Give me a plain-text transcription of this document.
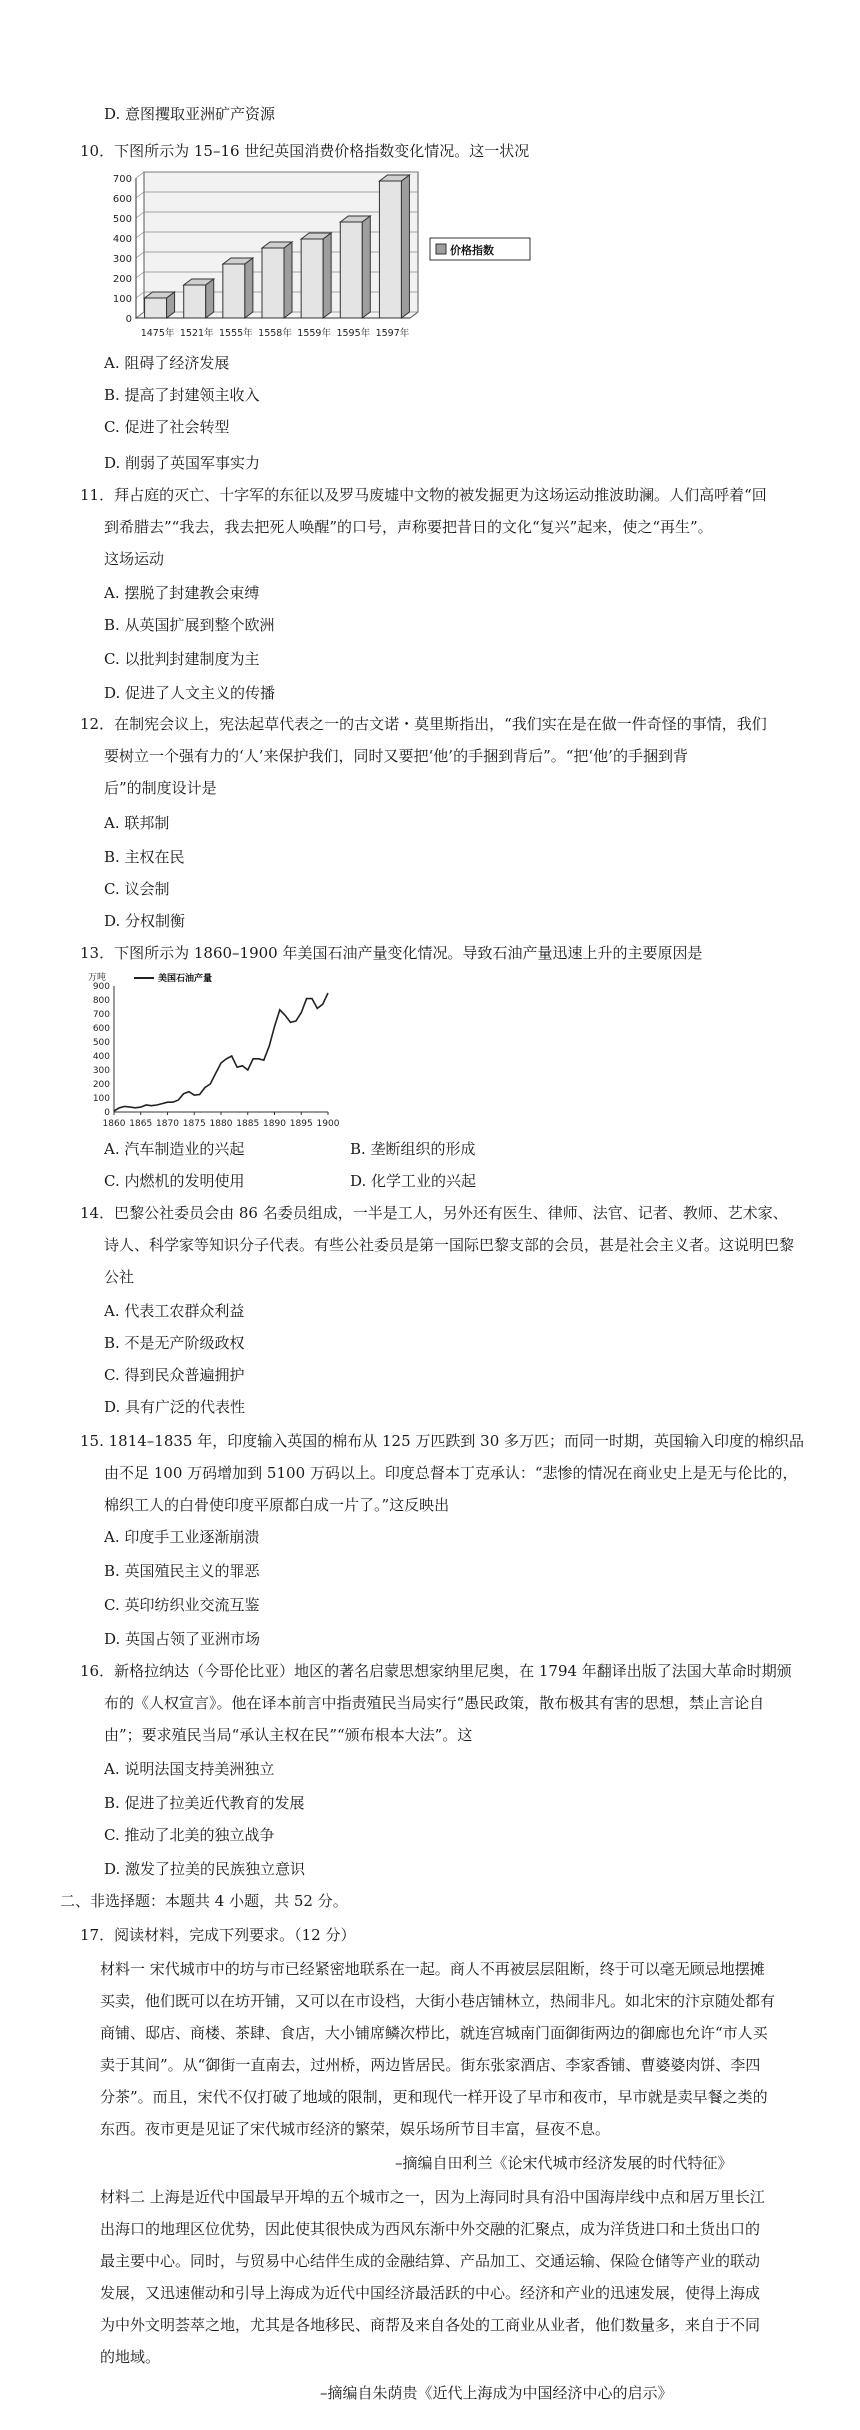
D. 意图攫取亚洲矿产资源
10．下图所示为 15–16 世纪英国消费价格指数变化情况。这一状况
0
100
200
300
400
500
600
700
1475年 1521年 1555年 1558年 1559年 1595年 1597年
价格指数
A. 阻碍了经济发展
B. 提高了封建领主收入
C. 促进了社会转型
D. 削弱了英国军事实力
11．拜占庭的灭亡、十字军的东征以及罗马废墟中文物的被发掘更为这场运动推波助澜。人们高呼着“回
到希腊去”“我去，我去把死人唤醒”的口号，声称要把昔日的文化“复兴”起来，使之“再生”。
这场运动
A. 摆脱了封建教会束缚
B. 从英国扩展到整个欧洲
C. 以批判封建制度为主
D. 促进了人文主义的传播
12．在制宪会议上，宪法起草代表之一的古文诺・莫里斯指出，“我们实在是在做一件奇怪的事情，我们
要树立一个强有力的‘人’来保护我们，同时又要把‘他’的手捆到背后”。“把‘他’的手捆到背
后”的制度设计是
A. 联邦制
B. 主权在民
C. 议会制
D. 分权制衡
13．下图所示为 1860–1900 年美国石油产量变化情况。导致石油产量迅速上升的主要原因是
万吨
0
100
200
300
400
500
600
700
800
900
1860 1865 1870 1875 1880 1885 1890 1895 1900
美国石油产量
A. 汽车制造业的兴起	B. 垄断组织的形成
C. 内燃机的发明使用	D. 化学工业的兴起
14．巴黎公社委员会由 86 名委员组成，一半是工人，另外还有医生、律师、法官、记者、教师、艺术家、
诗人、科学家等知识分子代表。有些公社委员是第一国际巴黎支部的会员，甚是社会主义者。这说明巴黎
公社
A. 代表工农群众利益
B. 不是无产阶级政权
C. 得到民众普遍拥护
D. 具有广泛的代表性
15. 1814–1835 年，印度输入英国的棉布从 125 万匹跌到 30 多万匹；而同一时期，英国输入印度的棉织品
由不足 100 万码增加到 5100 万码以上。印度总督本丁克承认：“悲惨的情况在商业史上是无与伦比的，
棉织工人的白骨使印度平原都白成一片了。”这反映出
A. 印度手工业逐渐崩溃
B. 英国殖民主义的罪恶
C. 英印纺织业交流互鉴
D. 英国占领了亚洲市场
16．新格拉纳达（今哥伦比亚）地区的著名启蒙思想家纳里尼奥，在 1794 年翻译出版了法国大革命时期颁
布的《人权宣言》。他在译本前言中指责殖民当局实行“愚民政策，散布极其有害的思想，禁止言论自
由”；要求殖民当局“承认主权在民”“颁布根本大法”。这
A. 说明法国支持美洲独立
B. 促进了拉美近代教育的发展
C. 推动了北美的独立战争
D. 激发了拉美的民族独立意识
二、非选择题：本题共 4 小题，共 52 分。
17．阅读材料，完成下列要求。（12 分）
材料一 宋代城市中的坊与市已经紧密地联系在一起。商人不再被层层阻断，终于可以毫无顾忌地摆摊
买卖，他们既可以在坊开铺，又可以在市设档，大街小巷店铺林立，热闹非凡。如北宋的汴京随处都有
商铺、邸店、商楼、茶肆、食店，大小铺席鳞次栉比，就连宫城南门面御街两边的御廊也允许“市人买
卖于其间”。从“御街一直南去，过州桥，两边皆居民。街东张家酒店、李家香铺、曹婆婆肉饼、李四
分茶”。而且，宋代不仅打破了地域的限制，更和现代一样开设了早市和夜市，早市就是卖早餐之类的
东西。夜市更是见证了宋代城市经济的繁荣，娱乐场所节目丰富，昼夜不息。
–摘编自田利兰《论宋代城市经济发展的时代特征》
材料二 上海是近代中国最早开埠的五个城市之一，因为上海同时具有沿中国海岸线中点和居万里长江
出海口的地理区位优势，因此使其很快成为西风东渐中外交融的汇聚点，成为洋货进口和土货出口的
最主要中心。同时，与贸易中心结伴生成的金融结算、产品加工、交通运输、保险仓储等产业的联动
发展，又迅速催动和引导上海成为近代中国经济最活跃的中心。经济和产业的迅速发展，使得上海成
为中外文明荟萃之地，尤其是各地移民、商帮及来自各处的工商业从业者，他们数量多，来自于不同
的地域。
–摘编自朱荫贵《近代上海成为中国经济中心的启示》
